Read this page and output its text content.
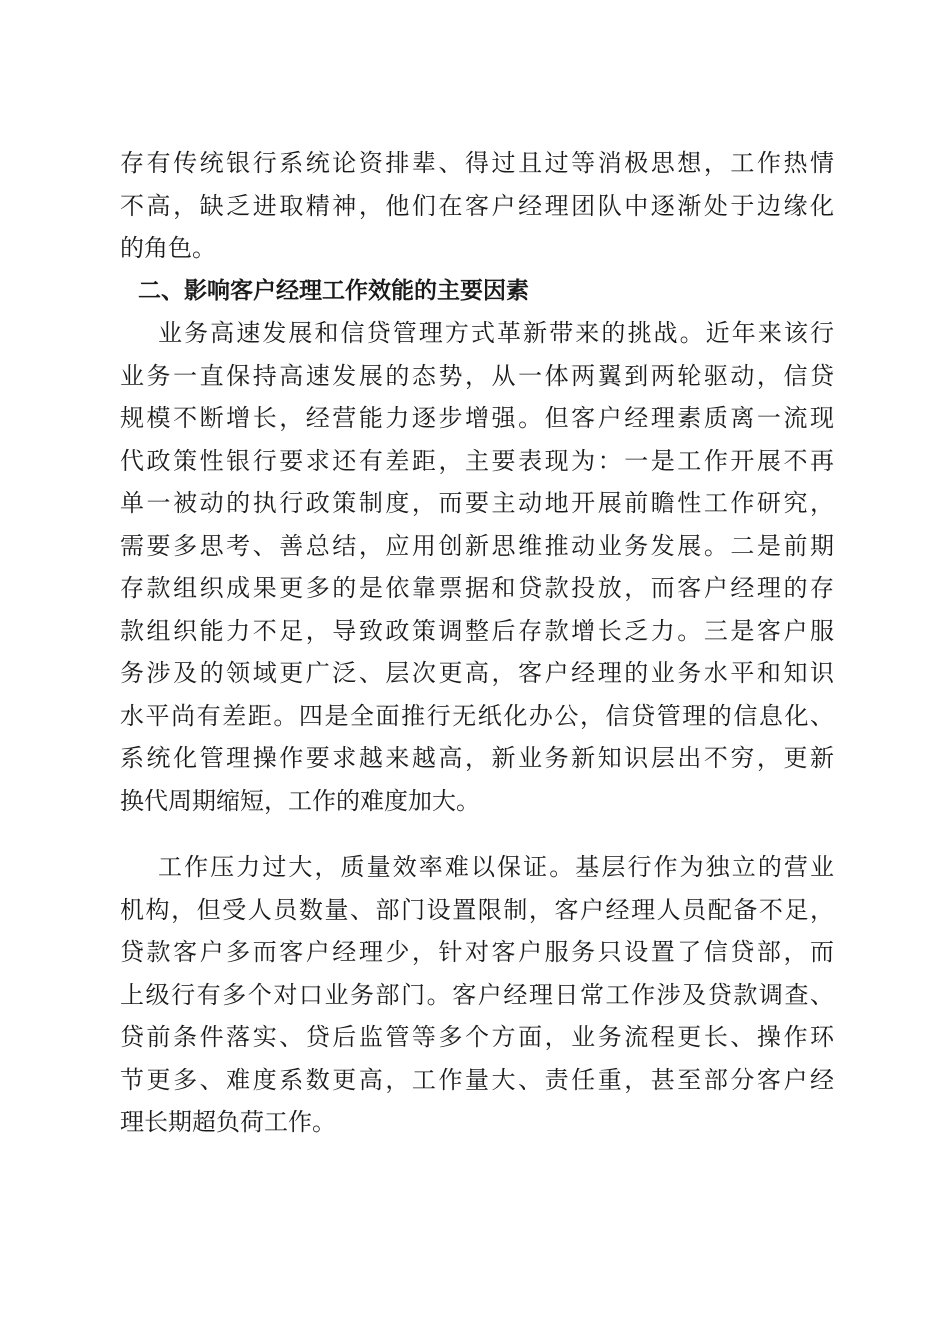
存有传统银行系统论资排辈、得过且过等消极思想，工作热情
不高，缺乏进取精神，他们在客户经理团队中逐渐处于边缘化
的角色。
二、影响客户经理工作效能的主要因素
业务高速发展和信贷管理方式革新带来的挑战。近年来该行
业务一直保持高速发展的态势，从一体两翼到两轮驱动，信贷
规模不断增长，经营能力逐步增强。但客户经理素质离一流现
代政策性银行要求还有差距，主要表现为：一是工作开展不再
单一被动的执行政策制度，而要主动地开展前瞻性工作研究，
需要多思考、善总结，应用创新思维推动业务发展。二是前期
存款组织成果更多的是依靠票据和贷款投放，而客户经理的存
款组织能力不足，导致政策调整后存款增长乏力。三是客户服
务涉及的领域更广泛、层次更高，客户经理的业务水平和知识
水平尚有差距。四是全面推行无纸化办公，信贷管理的信息化、
系统化管理操作要求越来越高，新业务新知识层出不穷，更新
换代周期缩短，工作的难度加大。
工作压力过大，质量效率难以保证。基层行作为独立的营业
机构，但受人员数量、部门设置限制，客户经理人员配备不足，
贷款客户多而客户经理少，针对客户服务只设置了信贷部，而
上级行有多个对口业务部门。客户经理日常工作涉及贷款调查、
贷前条件落实、贷后监管等多个方面，业务流程更长、操作环
节更多、难度系数更高，工作量大、责任重，甚至部分客户经
理长期超负荷工作。
